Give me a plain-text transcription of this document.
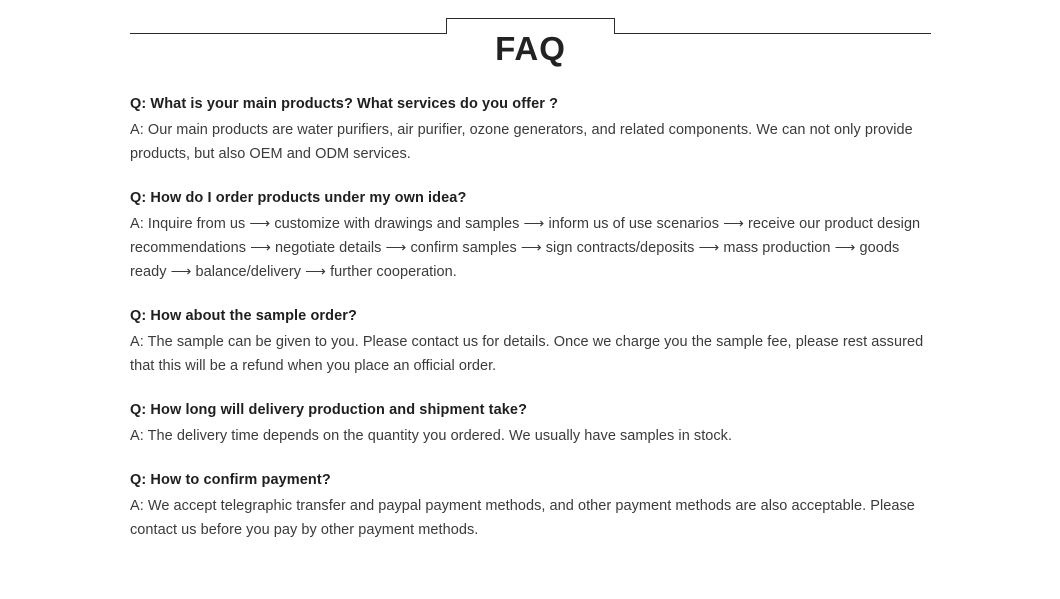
FAQ

Q: What is your main products? What services do you offer ?

A: Our main products are water purifiers, air purifier, ozone generators, and related components. We can not only provide products, but also OEM and ODM services.

Q: How do I order products under my own idea?

A: Inquire from us ⟶ customize with drawings and samples ⟶ inform us of use scenarios ⟶ receive our product design recommendations ⟶ negotiate details ⟶ confirm samples ⟶ sign contracts/deposits ⟶ mass production ⟶ goods ready ⟶ balance/delivery ⟶ further cooperation.

Q: How about the sample order?

A: The sample can be given to you. Please contact us for details. Once we charge you the sample fee, please rest assured that this will be a refund when you place an official order.

Q: How long will delivery production and shipment take?

A: The delivery time depends on the quantity you ordered. We usually have samples in stock.

Q: How to confirm payment?

A: We accept telegraphic transfer and paypal payment methods, and other payment methods are also acceptable. Please contact us before you pay by other payment methods.
